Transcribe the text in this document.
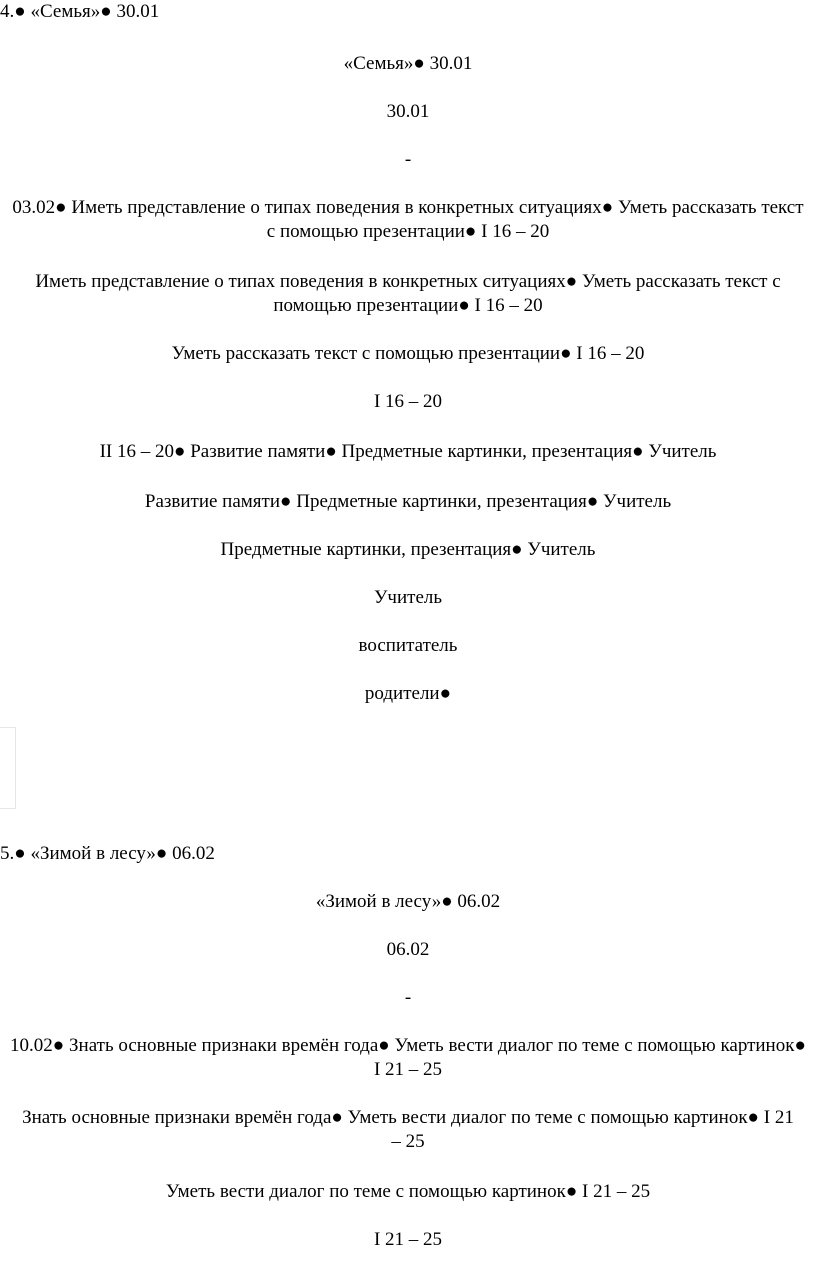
4.● «Семья»● 30.01

«Семья»● 30.01

30.01

-

03.02● Иметь представление о типах поведения в конкретных ситуациях● Уметь рассказать текст с помощью презентации● I 16 – 20

Иметь представление о типах поведения в конкретных ситуациях● Уметь рассказать текст с помощью презентации● I 16 – 20

Уметь рассказать текст с помощью презентации● I 16 – 20

I 16 – 20

II 16 – 20● Развитие памяти● Предметные картинки, презентация● Учитель

Развитие памяти● Предметные картинки, презентация● Учитель

Предметные картинки, презентация● Учитель

Учитель

воспитатель

родители●

5.● «Зимой в лесу»● 06.02

«Зимой в лесу»● 06.02

06.02

-

10.02● Знать основные признаки времён года● Уметь вести диалог по теме с помощью картинок● I 21 – 25

Знать основные признаки времён года● Уметь вести диалог по теме с помощью картинок● I 21 – 25

Уметь вести диалог по теме с помощью картинок● I 21 – 25

I 21 – 25
